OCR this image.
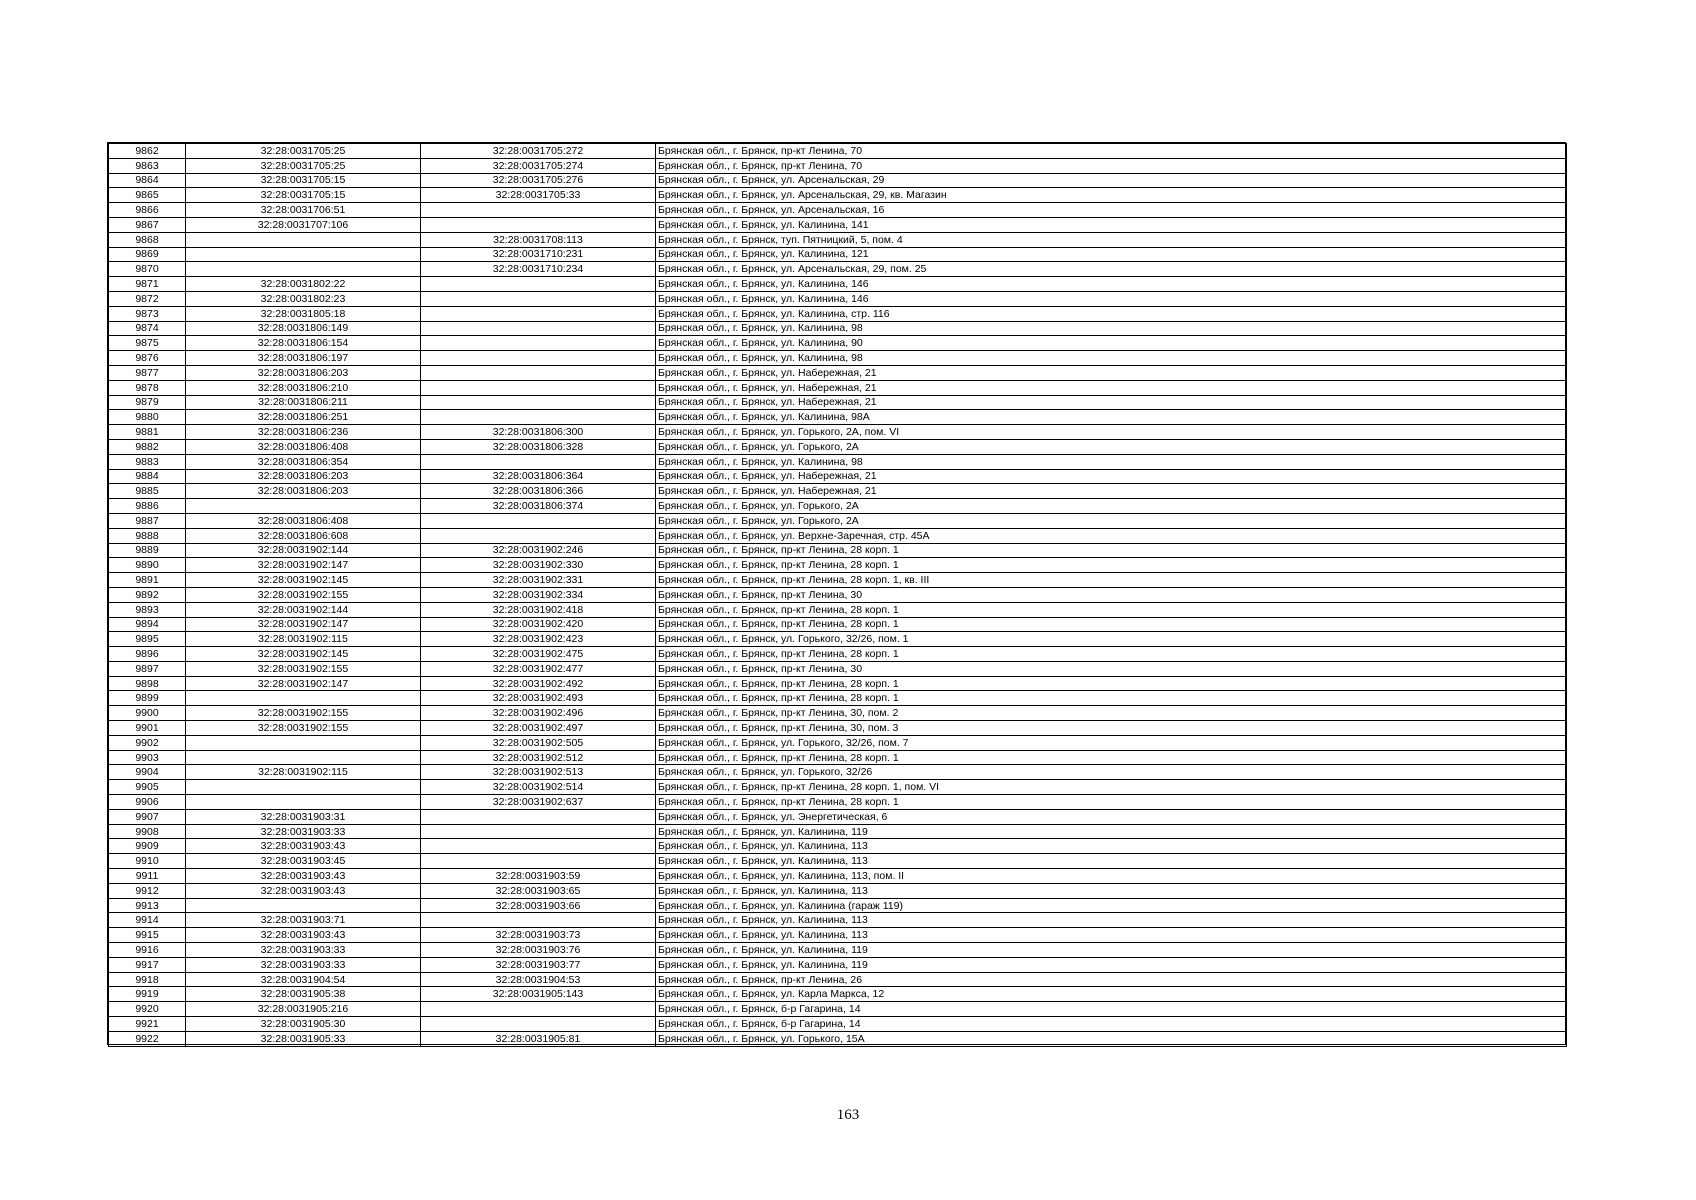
9862	32:28:0031705:25	32:28:0031705:272	Брянская обл., г. Брянск, пр-кт Ленина, 70
9863	32:28:0031705:25	32:28:0031705:274	Брянская обл., г. Брянск, пр-кт Ленина, 70
9864	32:28:0031705:15	32:28:0031705:276	Брянская обл., г. Брянск, ул. Арсенальская, 29
9865	32:28:0031705:15	32:28:0031705:33	Брянская обл., г. Брянск, ул. Арсенальская, 29, кв. Магазин
9866	32:28:0031706:51		Брянская обл., г. Брянск, ул. Арсенальская, 16
9867	32:28:0031707:106		Брянская обл., г. Брянск, ул. Калинина, 141
9868		32:28:0031708:113	Брянская обл., г. Брянск, туп. Пятницкий, 5, пом. 4
9869		32:28:0031710:231	Брянская обл., г. Брянск, ул. Калинина, 121
9870		32:28:0031710:234	Брянская обл., г. Брянск, ул. Арсенальская, 29, пом. 25
9871	32:28:0031802:22		Брянская обл., г. Брянск, ул. Калинина, 146
9872	32:28:0031802:23		Брянская обл., г. Брянск, ул. Калинина, 146
9873	32:28:0031805:18		Брянская обл., г. Брянск, ул. Калинина, стр. 116
9874	32:28:0031806:149		Брянская обл., г. Брянск, ул. Калинина, 98
9875	32:28:0031806:154		Брянская обл., г. Брянск, ул. Калинина, 90
9876	32:28:0031806:197		Брянская обл., г. Брянск, ул. Калинина, 98
9877	32:28:0031806:203		Брянская обл., г. Брянск, ул. Набережная, 21
9878	32:28:0031806:210		Брянская обл., г. Брянск, ул. Набережная, 21
9879	32:28:0031806:211		Брянская обл., г. Брянск, ул. Набережная, 21
9880	32:28:0031806:251		Брянская обл., г. Брянск, ул. Калинина, 98А
9881	32:28:0031806:236	32:28:0031806:300	Брянская обл., г. Брянск, ул. Горького, 2А, пом. VI
9882	32:28:0031806:408	32:28:0031806:328	Брянская обл., г. Брянск, ул. Горького, 2А
9883	32:28:0031806:354		Брянская обл., г. Брянск, ул. Калинина, 98
9884	32:28:0031806:203	32:28:0031806:364	Брянская обл., г. Брянск, ул. Набережная, 21
9885	32:28:0031806:203	32:28:0031806:366	Брянская обл., г. Брянск, ул. Набережная, 21
9886		32:28:0031806:374	Брянская обл., г. Брянск, ул. Горького, 2А
9887	32:28:0031806:408		Брянская обл., г. Брянск, ул. Горького, 2А
9888	32:28:0031806:608		Брянская обл., г. Брянск, ул. Верхне-Заречная, стр. 45А
9889	32:28:0031902:144	32:28:0031902:246	Брянская обл., г. Брянск, пр-кт Ленина, 28 корп. 1
9890	32:28:0031902:147	32:28:0031902:330	Брянская обл., г. Брянск, пр-кт Ленина, 28 корп. 1
9891	32:28:0031902:145	32:28:0031902:331	Брянская обл., г. Брянск, пр-кт Ленина, 28 корп. 1, кв. III
9892	32:28:0031902:155	32:28:0031902:334	Брянская обл., г. Брянск, пр-кт Ленина, 30
9893	32:28:0031902:144	32:28:0031902:418	Брянская обл., г. Брянск, пр-кт Ленина, 28 корп. 1
9894	32:28:0031902:147	32:28:0031902:420	Брянская обл., г. Брянск, пр-кт Ленина, 28 корп. 1
9895	32:28:0031902:115	32:28:0031902:423	Брянская обл., г. Брянск, ул. Горького, 32/26, пом. 1
9896	32:28:0031902:145	32:28:0031902:475	Брянская обл., г. Брянск, пр-кт Ленина, 28 корп. 1
9897	32:28:0031902:155	32:28:0031902:477	Брянская обл., г. Брянск, пр-кт Ленина, 30
9898	32:28:0031902:147	32:28:0031902:492	Брянская обл., г. Брянск, пр-кт Ленина, 28 корп. 1
9899		32:28:0031902:493	Брянская обл., г. Брянск, пр-кт Ленина, 28 корп. 1
9900	32:28:0031902:155	32:28:0031902:496	Брянская обл., г. Брянск, пр-кт Ленина, 30, пом. 2
9901	32:28:0031902:155	32:28:0031902:497	Брянская обл., г. Брянск, пр-кт Ленина, 30, пом. 3
9902		32:28:0031902:505	Брянская обл., г. Брянск, ул. Горького, 32/26, пом. 7
9903		32:28:0031902:512	Брянская обл., г. Брянск, пр-кт Ленина, 28 корп. 1
9904	32:28:0031902:115	32:28:0031902:513	Брянская обл., г. Брянск, ул. Горького, 32/26
9905		32:28:0031902:514	Брянская обл., г. Брянск, пр-кт Ленина, 28 корп. 1, пом. VI
9906		32:28:0031902:637	Брянская обл., г. Брянск, пр-кт Ленина, 28 корп. 1
9907	32:28:0031903:31		Брянская обл., г. Брянск, ул. Энергетическая, 6
9908	32:28:0031903:33		Брянская обл., г. Брянск, ул. Калинина, 119
9909	32:28:0031903:43		Брянская обл., г. Брянск, ул. Калинина, 113
9910	32:28:0031903:45		Брянская обл., г. Брянск, ул. Калинина, 113
9911	32:28:0031903:43	32:28:0031903:59	Брянская обл., г. Брянск, ул. Калинина, 113, пом. II
9912	32:28:0031903:43	32:28:0031903:65	Брянская обл., г. Брянск, ул. Калинина, 113
9913		32:28:0031903:66	Брянская обл., г. Брянск, ул. Калинина (гараж 119)
9914	32:28:0031903:71		Брянская обл., г. Брянск, ул. Калинина, 113
9915	32:28:0031903:43	32:28:0031903:73	Брянская обл., г. Брянск, ул. Калинина, 113
9916	32:28:0031903:33	32:28:0031903:76	Брянская обл., г. Брянск, ул. Калинина, 119
9917	32:28:0031903:33	32:28:0031903:77	Брянская обл., г. Брянск, ул. Калинина, 119
9918	32:28:0031904:54	32:28:0031904:53	Брянская обл., г. Брянск, пр-кт Ленина, 26
9919	32:28:0031905:38	32:28:0031905:143	Брянская обл., г. Брянск, ул. Карла Маркса, 12
9920	32:28:0031905:216		Брянская обл., г. Брянск, б-р Гагарина, 14
9921	32:28:0031905:30		Брянская обл., г. Брянск, б-р Гагарина, 14
9922	32:28:0031905:33	32:28:0031905:81	Брянская обл., г. Брянск, ул. Горького, 15А
163
